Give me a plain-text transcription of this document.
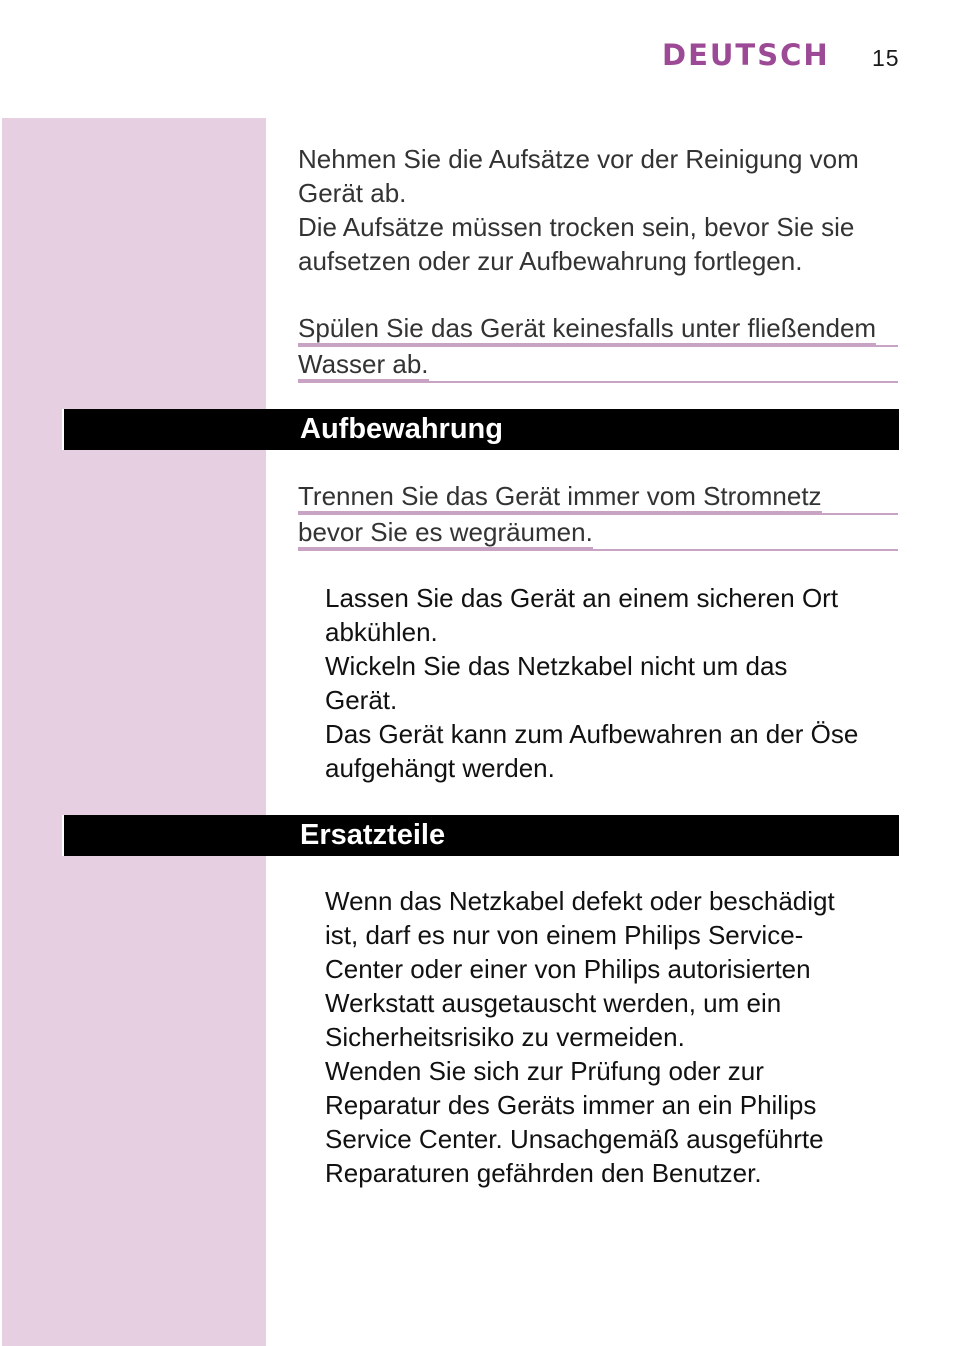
DEUTSCH 15
Nehmen Sie die Aufsätze vor der Reinigung vom
Gerät ab.
Die Aufsätze müssen trocken sein, bevor Sie sie
aufsetzen oder zur Aufbewahrung fortlegen.
Spülen Sie das Gerät keinesfalls unter fließendem
Wasser ab.
Aufbewahrung
Trennen Sie das Gerät immer vom Stromnetz
bevor Sie es wegräumen.
Lassen Sie das Gerät an einem sicheren Ort
abkühlen.
Wickeln Sie das Netzkabel nicht um das
Gerät.
Das Gerät kann zum Aufbewahren an der Öse
aufgehängt werden.
Ersatzteile
Wenn das Netzkabel defekt oder beschädigt
ist, darf es nur von einem Philips Service-
Center oder einer von Philips autorisierten
Werkstatt ausgetauscht werden, um ein
Sicherheitsrisiko zu vermeiden.
Wenden Sie sich zur Prüfung oder zur
Reparatur des Geräts immer an ein Philips
Service Center. Unsachgemäß ausgeführte
Reparaturen gefährden den Benutzer.
